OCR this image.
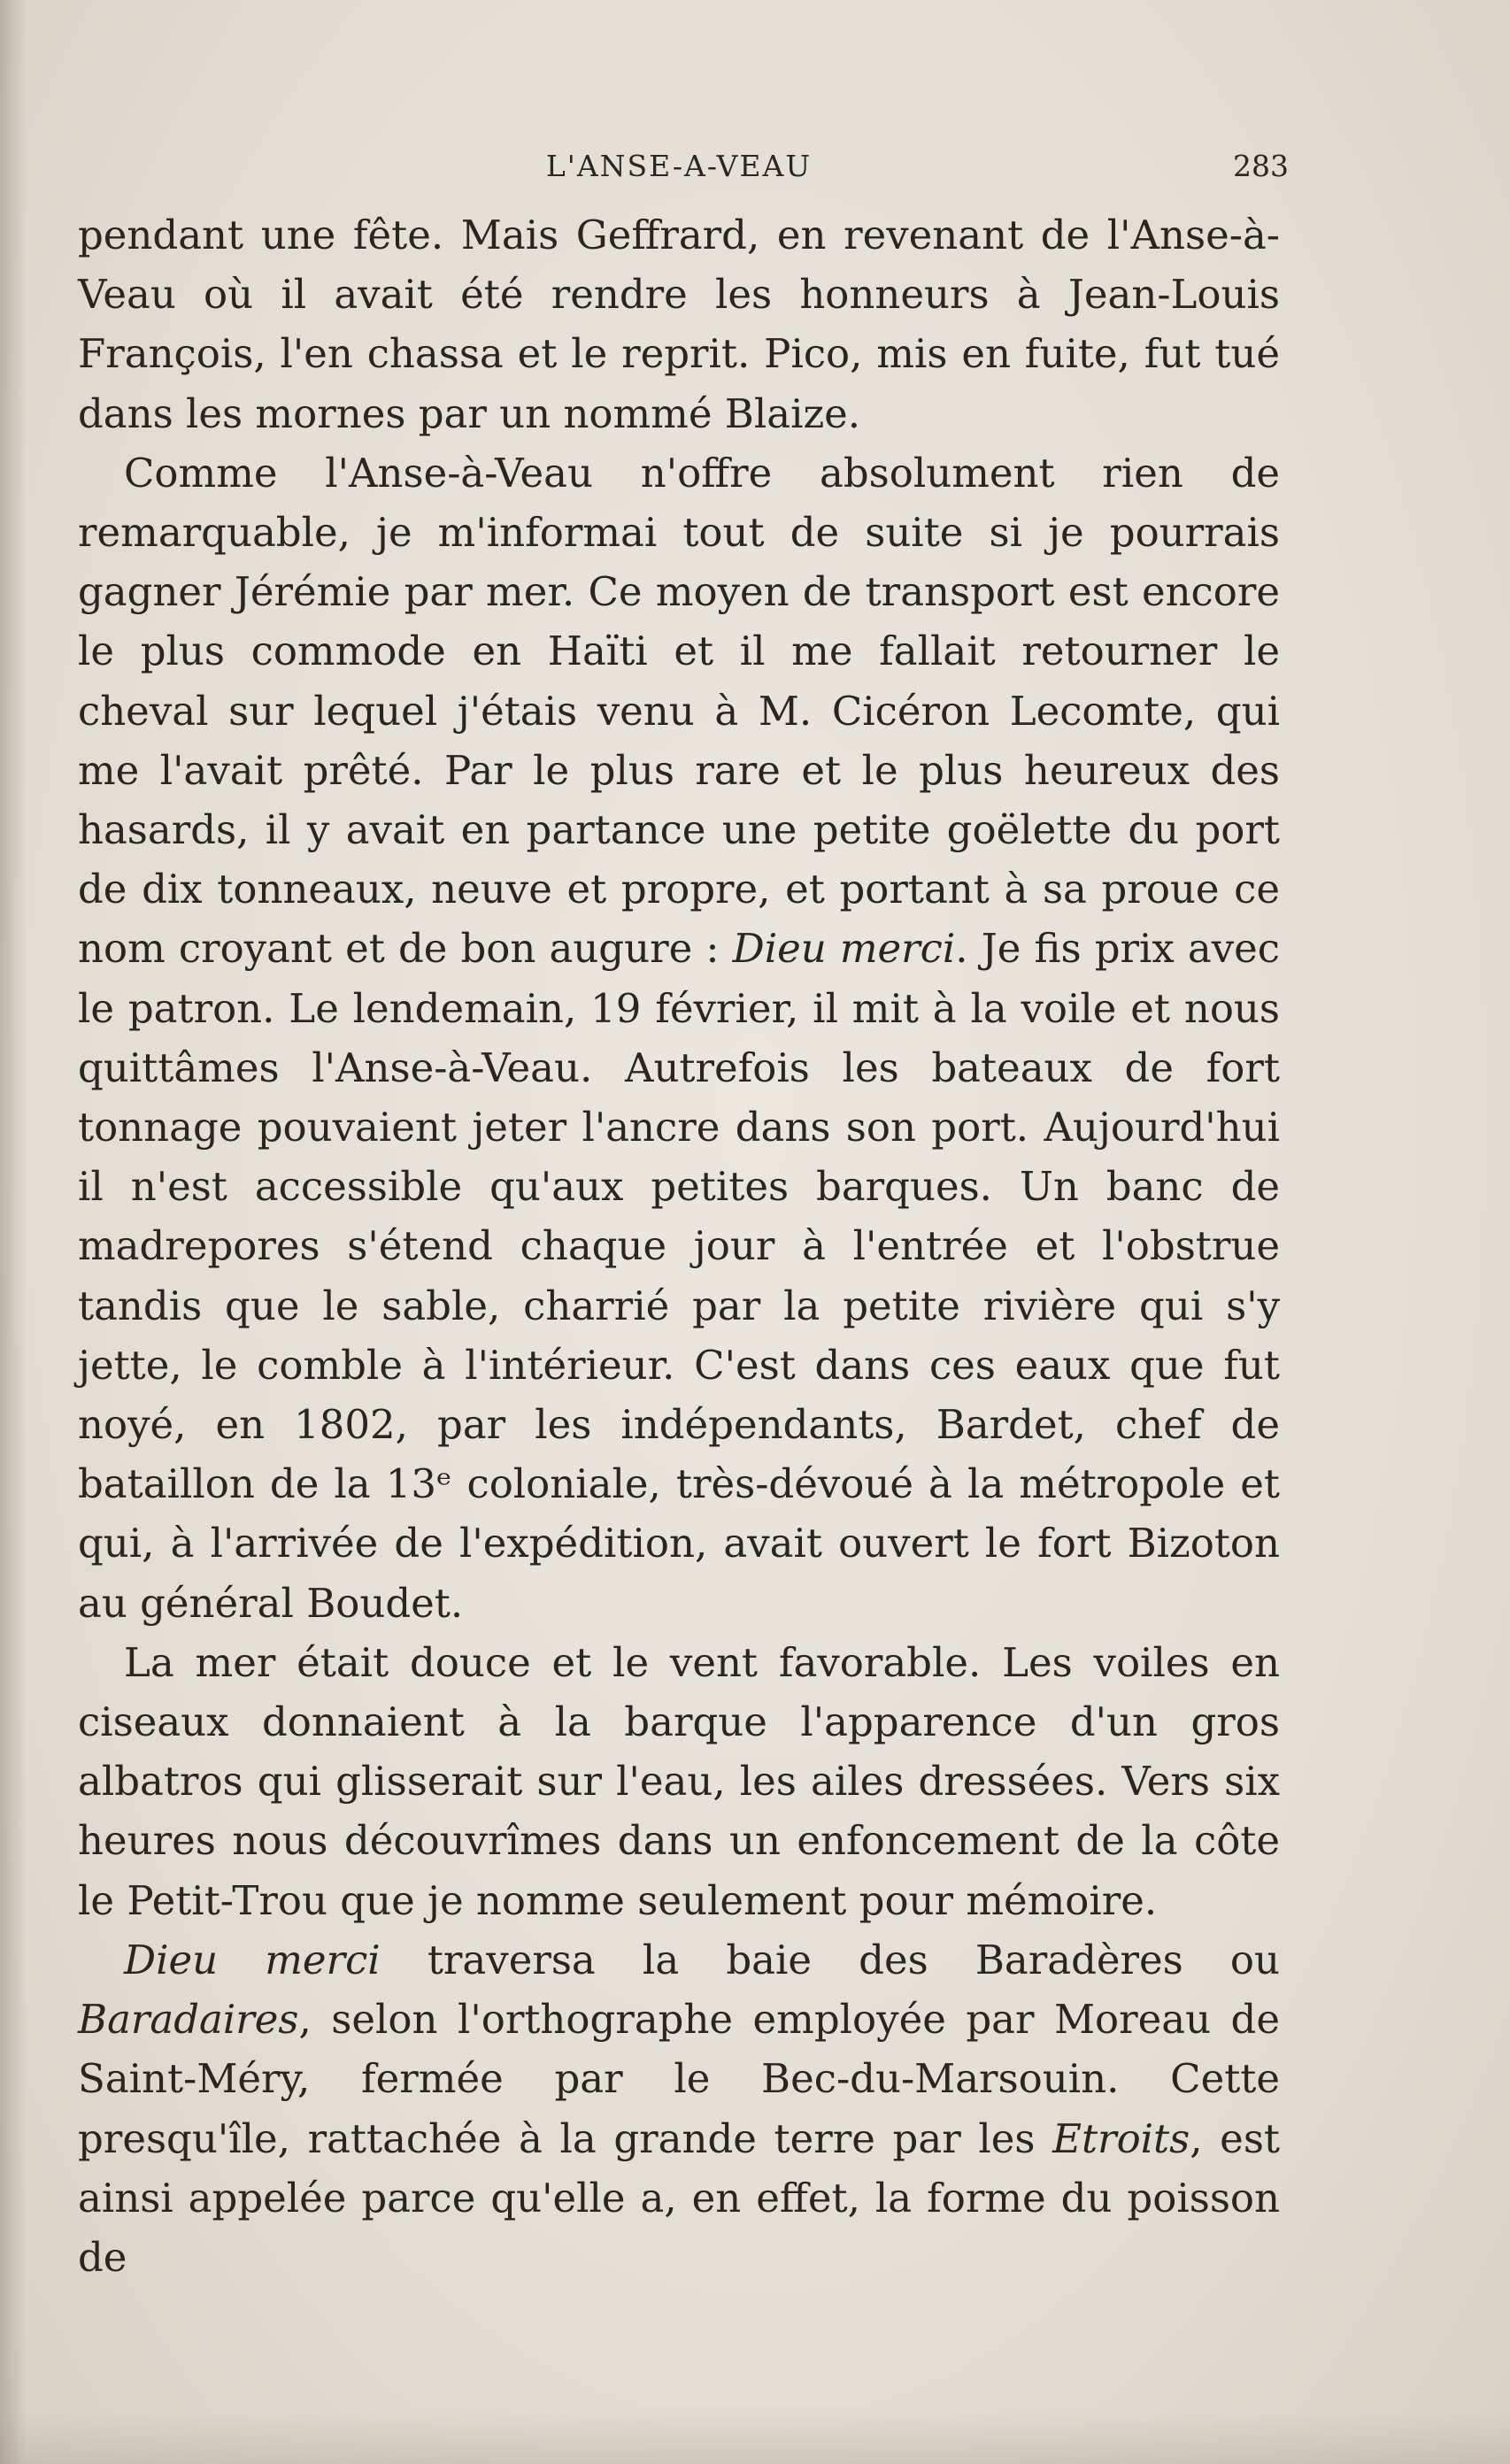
L'ANSE-A-VEAU	283

pendant une fête. Mais Geffrard, en revenant de l'Anse-à-Veau où il avait été rendre les honneurs à Jean-Louis François, l'en chassa et le reprit. Pico, mis en fuite, fut tué dans les mornes par un nommé Blaize.

Comme l'Anse-à-Veau n'offre absolument rien de remarquable, je m'informai tout de suite si je pourrais gagner Jérémie par mer. Ce moyen de transport est encore le plus commode en Haïti et il me fallait retourner le cheval sur lequel j'étais venu à M. Cicéron Lecomte, qui me l'avait prêté. Par le plus rare et le plus heureux des hasards, il y avait en partance une petite goëlette du port de dix tonneaux, neuve et propre, et portant à sa proue ce nom croyant et de bon augure : Dieu merci. Je fis prix avec le patron. Le lendemain, 19 février, il mit à la voile et nous quittâmes l'Anse-à-Veau. Autrefois les bateaux de fort tonnage pouvaient jeter l'ancre dans son port. Aujourd'hui il n'est accessible qu'aux petites barques. Un banc de madrepores s'étend chaque jour à l'entrée et l'obstrue tandis que le sable, charrié par la petite rivière qui s'y jette, le comble à l'intérieur. C'est dans ces eaux que fut noyé, en 1802, par les indépendants, Bardet, chef de bataillon de la 13ᵉ coloniale, très-dévoué à la métropole et qui, à l'arrivée de l'expédition, avait ouvert le fort Bizoton au général Boudet.

La mer était douce et le vent favorable. Les voiles en ciseaux donnaient à la barque l'apparence d'un gros albatros qui glisserait sur l'eau, les ailes dressées. Vers six heures nous découvrîmes dans un enfoncement de la côte le Petit-Trou que je nomme seulement pour mémoire.

Dieu merci traversa la baie des Baradères ou Baradaires, selon l'orthographe employée par Moreau de Saint-Méry, fermée par le Bec-du-Marsouin. Cette presqu'île, rattachée à la grande terre par les Etroits, est ainsi appelée parce qu'elle a, en effet, la forme du poisson de
